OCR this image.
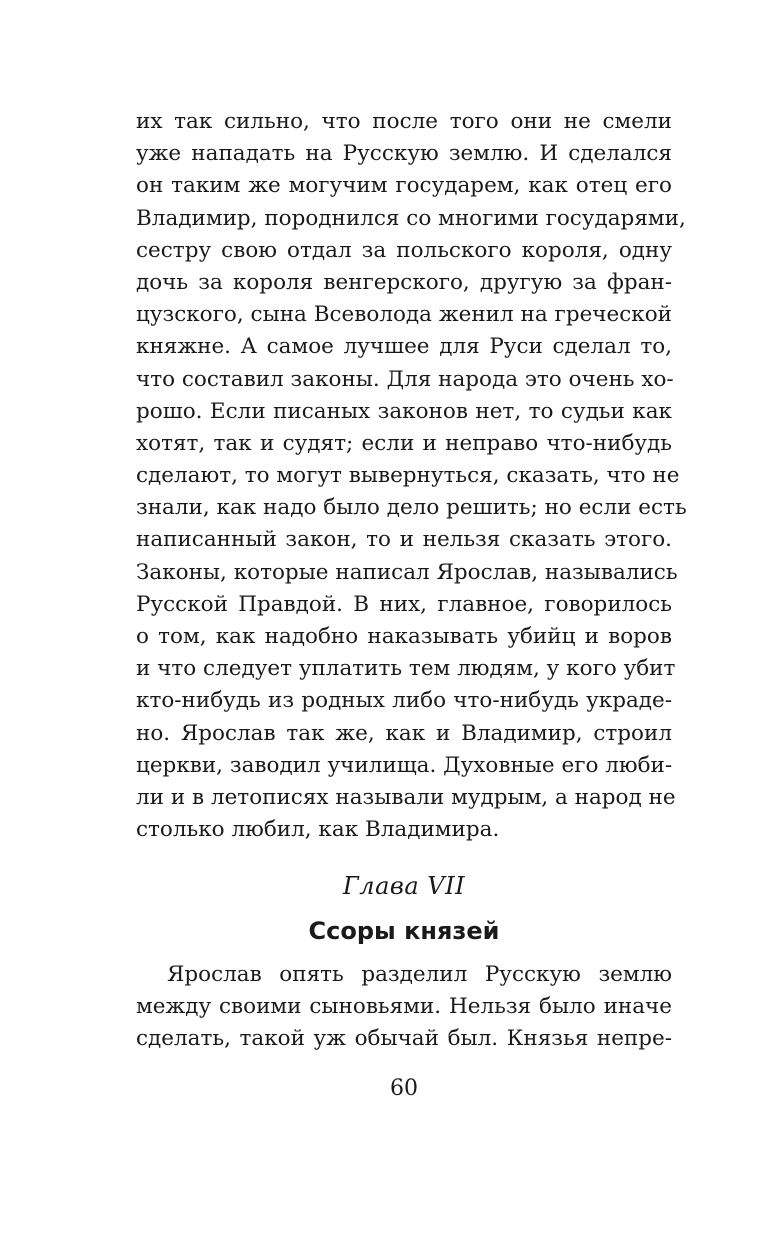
их так сильно, что после того они не смели
уже нападать на Русскую землю. И сделался
он таким же могучим государем, как отец его
Владимир, породнился со многими государями,
сестру свою отдал за польского короля, одну
дочь за короля венгерского, другую за фран-
цузского, сына Всеволода женил на греческой
княжне. А самое лучшее для Руси сделал то,
что составил законы. Для народа это очень хо-
рошо. Если писаных законов нет, то судьи как
хотят, так и судят; если и неправо что-нибудь
сделают, то могут вывернуться, сказать, что не
знали, как надо было дело решить; но если есть
написанный закон, то и нельзя сказать этого.
Законы, которые написал Ярослав, назывались
Русской Правдой. В них, главное, говорилось
о том, как надобно наказывать убийц и воров
и что следует уплатить тем людям, у кого убит
кто-нибудь из родных либо что-нибудь украде-
но. Ярослав так же, как и Владимир, строил
церкви, заводил училища. Духовные его люби-
ли и в летописях называли мудрым, а народ не
столько любил, как Владимира.
Глава VII
Ссоры князей
Ярослав опять разделил Русскую землю
между своими сыновьями. Нельзя было иначе
сделать, такой уж обычай был. Князья непре-
60
